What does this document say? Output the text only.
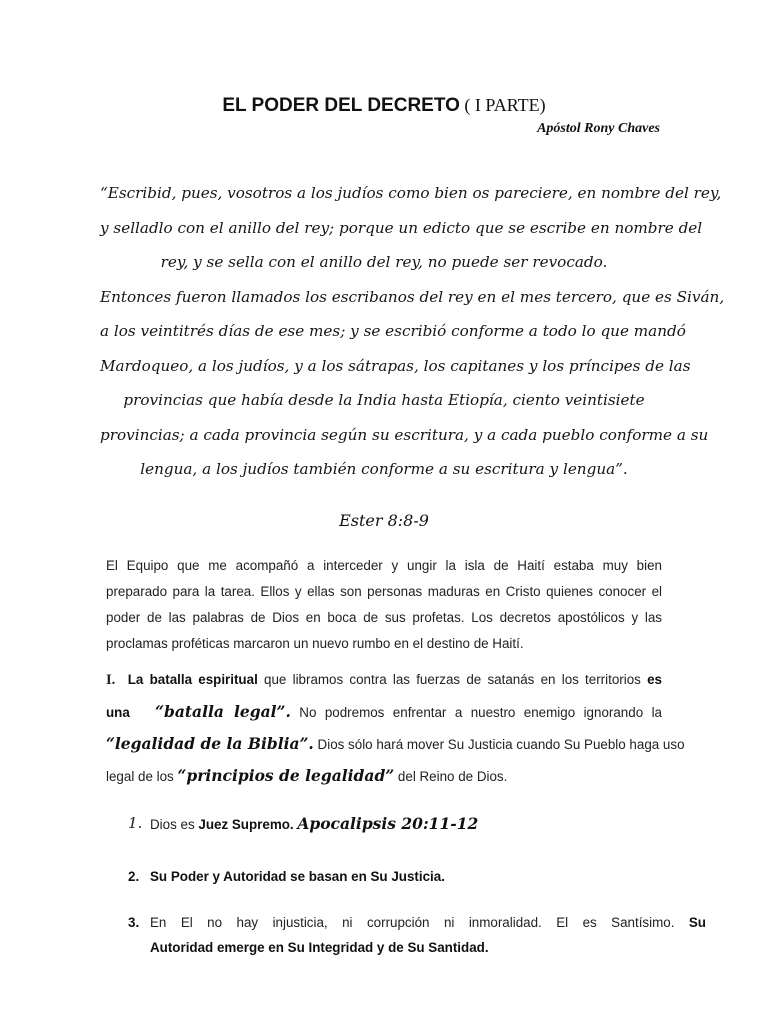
EL PODER DEL DECRETO ( I PARTE)
Apóstol Rony Chaves
“Escribid, pues, vosotros a los judíos como bien os pareciere, en nombre del rey,
y selladlo con el anillo del rey; porque un edicto que se escribe en nombre del
rey, y se sella con el anillo del rey, no puede ser revocado.
Entonces fueron llamados los escribanos del rey en el mes tercero, que es Siván,
a los veintitrés días de ese mes; y se escribió conforme a todo lo que mandó
Mardoqueo, a los judíos, y a los sátrapas, los capitanes y los príncipes de las
provincias que había desde la India hasta Etiopía, ciento veintisiete
provincias; a cada provincia según su escritura, y a cada pueblo conforme a su
lengua, a los judíos también conforme a su escritura y lengua”.
Ester 8:8-9
El Equipo que me acompañó a interceder y ungir la isla de Haití estaba muy bien
preparado para la tarea. Ellos y ellas son personas maduras en Cristo quienes conocer el
poder de las palabras de Dios en boca de sus profetas. Los decretos apostólicos y las
proclamas proféticas marcaron un nuevo rumbo en el destino de Haití.
I. La batalla espiritual que libramos contra las fuerzas de satanás en los territorios es
una “batalla legal”. No podremos enfrentar a nuestro enemigo ignorando la
“legalidad de la Biblia”. Dios sólo hará mover Su Justicia cuando Su Pueblo haga uso
legal de los “principios de legalidad” del Reino de Dios.
1. Dios es Juez Supremo. Apocalipsis 20:11-12
2. Su Poder y Autoridad se basan en Su Justicia.
3. En El no hay injusticia, ni corrupción ni inmoralidad. El es Santísimo. Su
Autoridad emerge en Su Integridad y de Su Santidad.
